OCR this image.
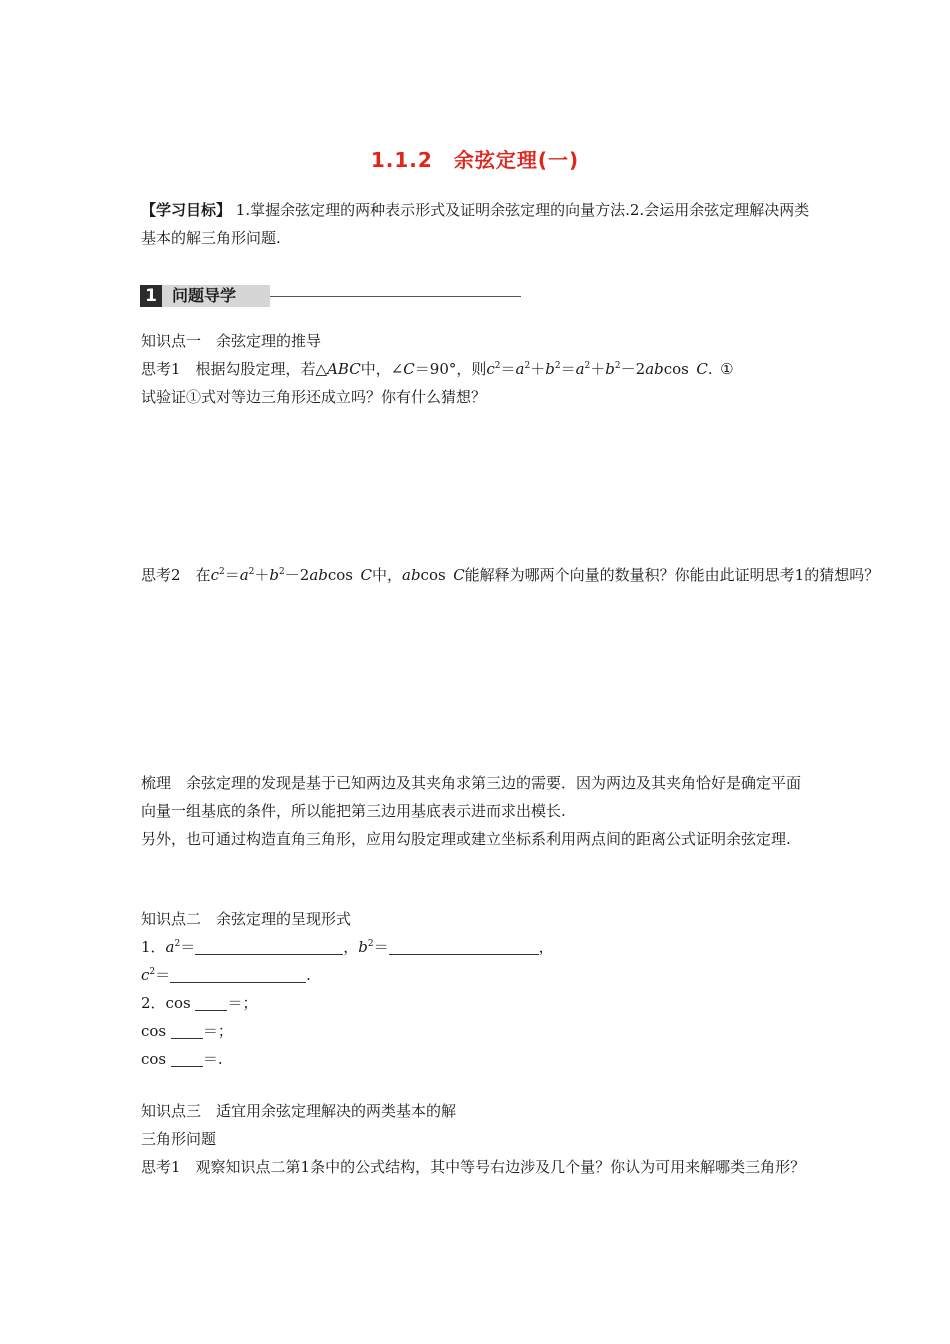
1.1.2　余弦定理(一)
【学习目标】 1.掌握余弦定理的两种表示形式及证明余弦定理的向量方法.2.会运用余弦定理解决两类基本的解三角形问题.
1 问题导学
知识点一　余弦定理的推导
思考1  根据勾股定理，若△ABC中，∠C＝90°，则$c^2=a^2+b^2=a^2+b^2-2abcos$ C. ①
试验证①式对等边三角形还成立吗？你有什么猜想？
思考2  在$c^2=a^2+b^2-2abcos$ C中，abcos C能解释为哪两个向量的数量积？你能由此证明思考1的猜想吗？
梳理  余弦定理的发现是基于已知两边及其夹角求第三边的需要．因为两边及其夹角恰好是确定平面向量一组基底的条件，所以能把第三边用基底表示进而求出模长.
另外，也可通过构造直角三角形，应用勾股定理或建立坐标系利用两点间的距离公式证明余弦定理.
知识点二　余弦定理的呈现形式
1．$a^2=$	，$b^2=$	，
$c^2=$	.
2．cos ＝；
cos ＝；
cos ＝.
知识点三　适宜用余弦定理解决的两类基本的解
三角形问题
思考1  观察知识点二第1条中的公式结构，其中等号右边涉及几个量？你认为可用来解哪类三角形？
